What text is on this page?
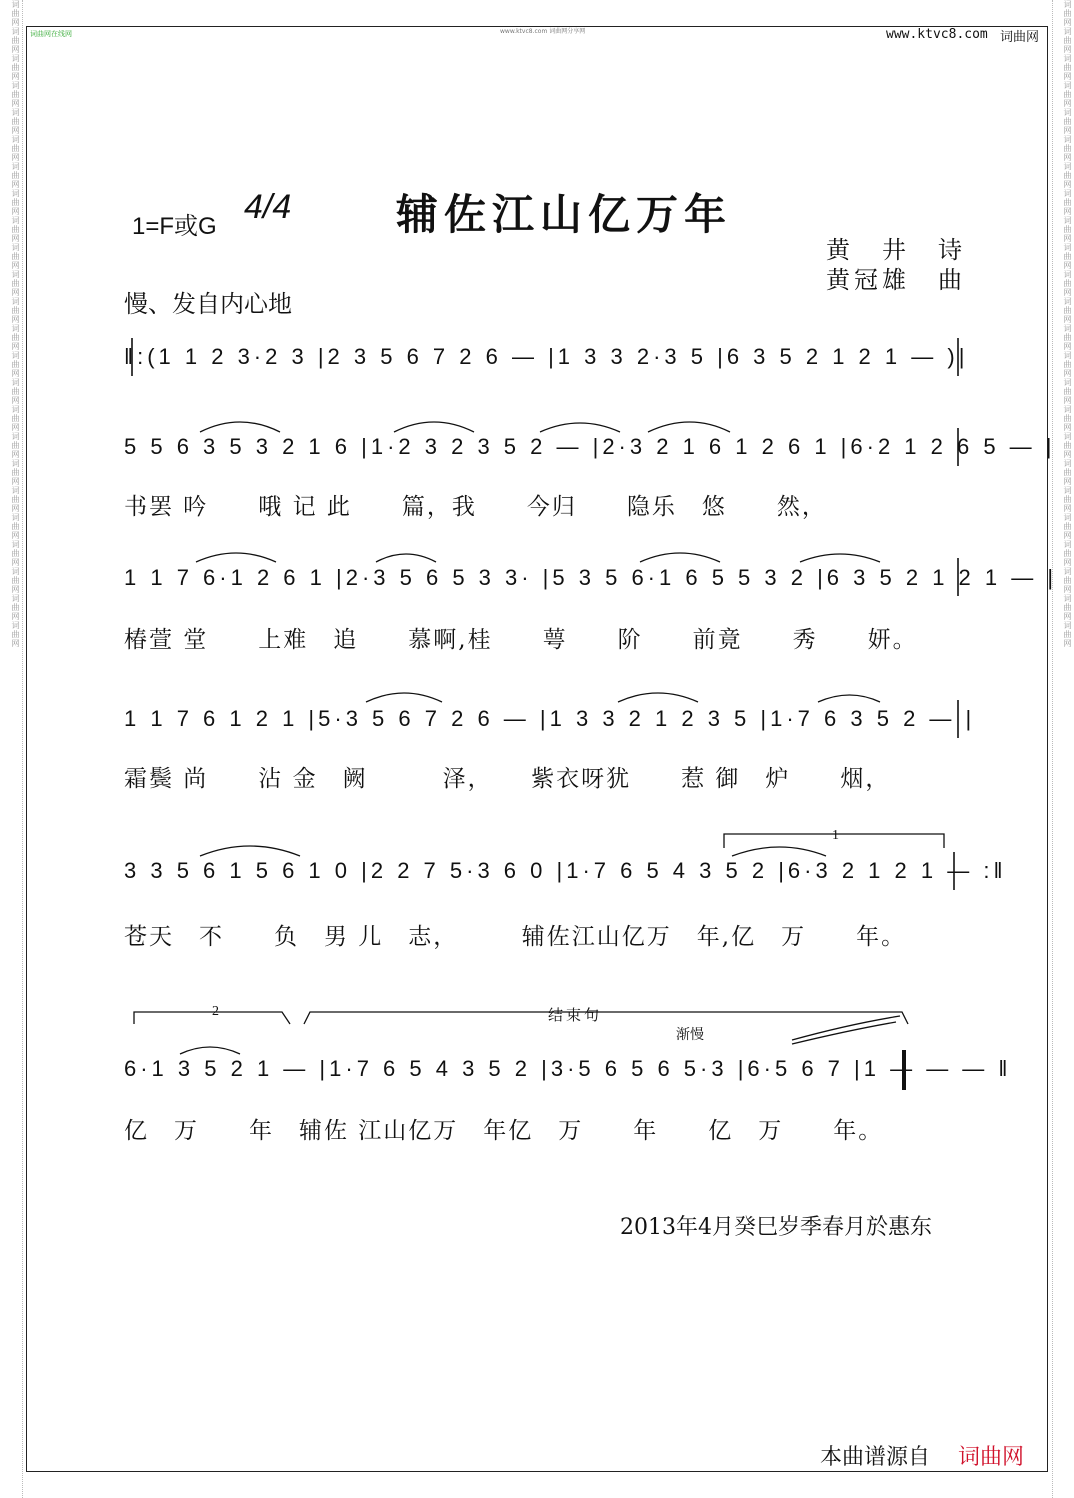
词曲网词曲网词曲网词曲网词曲网词曲网词曲网词曲网词曲网词曲网词曲网词曲网词曲网词曲网词曲网词曲网词曲网词曲网词曲网词曲网词曲网词曲网词曲网词曲网	词曲网词曲网词曲网词曲网词曲网词曲网词曲网词曲网词曲网词曲网词曲网词曲网词曲网词曲网词曲网词曲网词曲网词曲网词曲网词曲网词曲网词曲网词曲网词曲网
词曲网在线网	www.ktvc8.com 词曲网分享网	www.ktvc8.com 词曲网
1=F或G
4/4 辅佐江山亿万年
黄　井　诗
黄冠雄　曲
慢、发自内心地
‖:(1 1 2 3·2 3 |2 3 5 6 7 2 6 — |1 3 3 2·3 5 |6 3 5 2 1 2 1 — )|
5 5 6 3 5 3 2 1 6 |1·2 3 2 3 5 2 — |2·3 2 1 6 1 2 6 1 |6·2 1 2 6 5 — |
书罢 吟　　哦 记 此　　篇，我　　今归　　隐乐　悠　　然，
1 1 7 6·1 2 6 1 |2·3 5 6 5 3 3· |5 3 5 6·1 6 5 5 3 2 |6 3 5 2 1 2 1 — |
椿萱 堂　　上难　追　　慕啊,桂　　萼　　阶　　前竟　　秀　　妍。
1 1 7 6 1 2 1 |5·3 5 6 7 2 6 — |1 3 3 2 1 2 3 5 |1·7 6 3 5 2 — |
霜鬓 尚　　沾 金　阙　　　泽，　　紫衣呀犹　　惹 御　炉　　烟，
1
3 3 5 6 1 5 6 1 0 |2 2 7 5·3 6 0 |1·7 6 5 4 3 5 2 |6·3 2 1 2 1 — :‖
苍天　不　　负　男 儿　志，　　　辅佐江山亿万　年,亿　万　　年。
2	结束句
渐慢
6·1 3 5 2 1 — |1·7 6 5 4 3 5 2 |3·5 6 5 6 5·3 |6·5 6 7 |1 — — — ‖
亿　万　　年　辅佐 江山亿万　年亿　万　　年　　亿　万　　年。
2013年4月癸巳岁季春月於惠东
本曲谱源自 词曲网
